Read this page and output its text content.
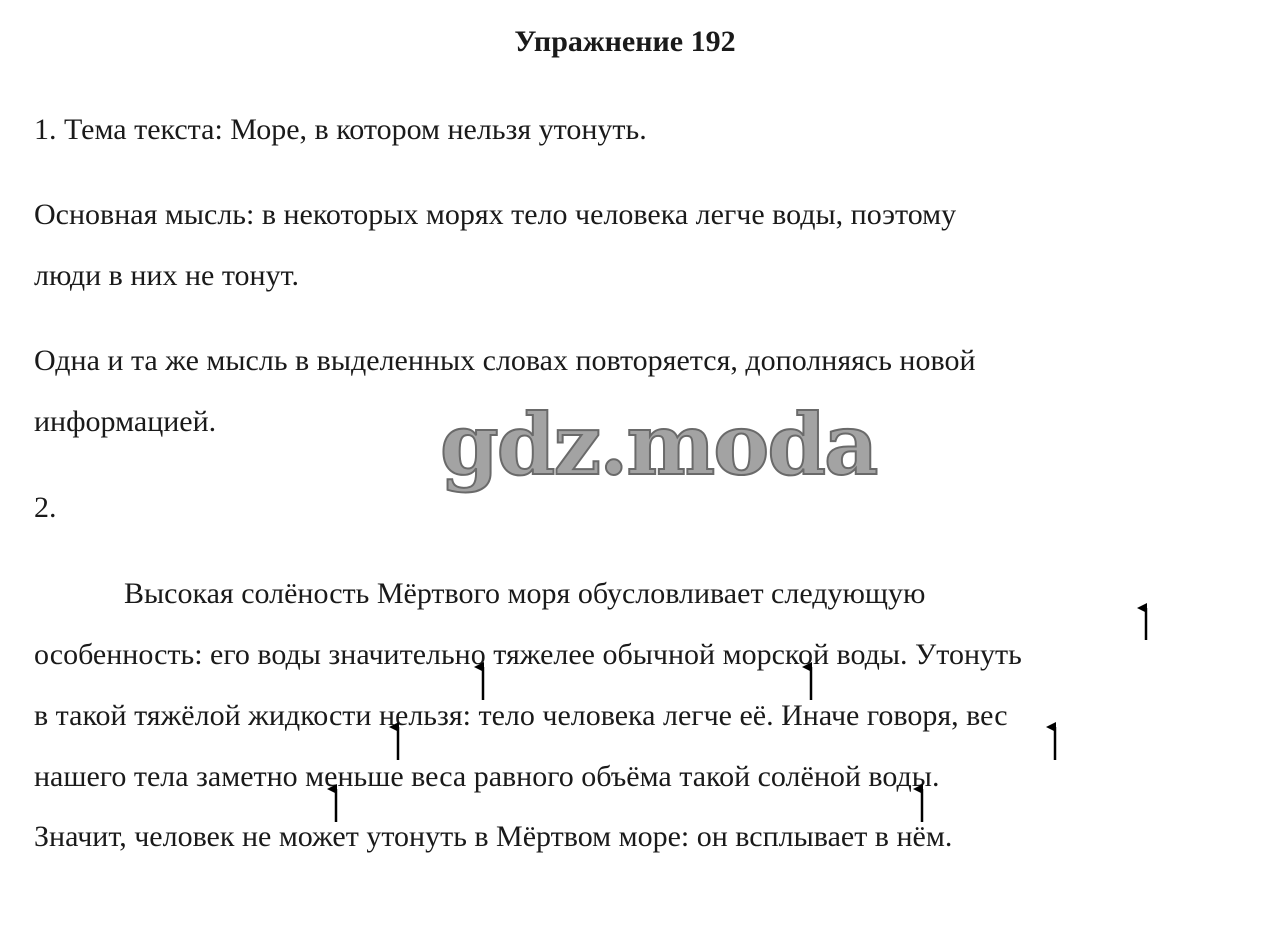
Упражнение 192
1. Тема текста: Море, в котором нельзя утонуть.
Основная мысль: в некоторых морях тело человека легче воды, поэтому
люди в них не тонут.
Одна и та же мысль в выделенных словах повторяется, дополняясь новой
информацией.
2.
Высокая солёность Мёртвого моря обусловливает следующую
особенность: его воды значительно тяжелее обычной морской воды. Утонуть
в такой тяжёлой жидкости нельзя: тело человека легче её. Иначе говоря, вес
нашего тела заметно меньше веса равного объёма такой солёной воды.
Значит, человек не может утонуть в Мёртвом море: он всплывает в нём.
gdz.moda
